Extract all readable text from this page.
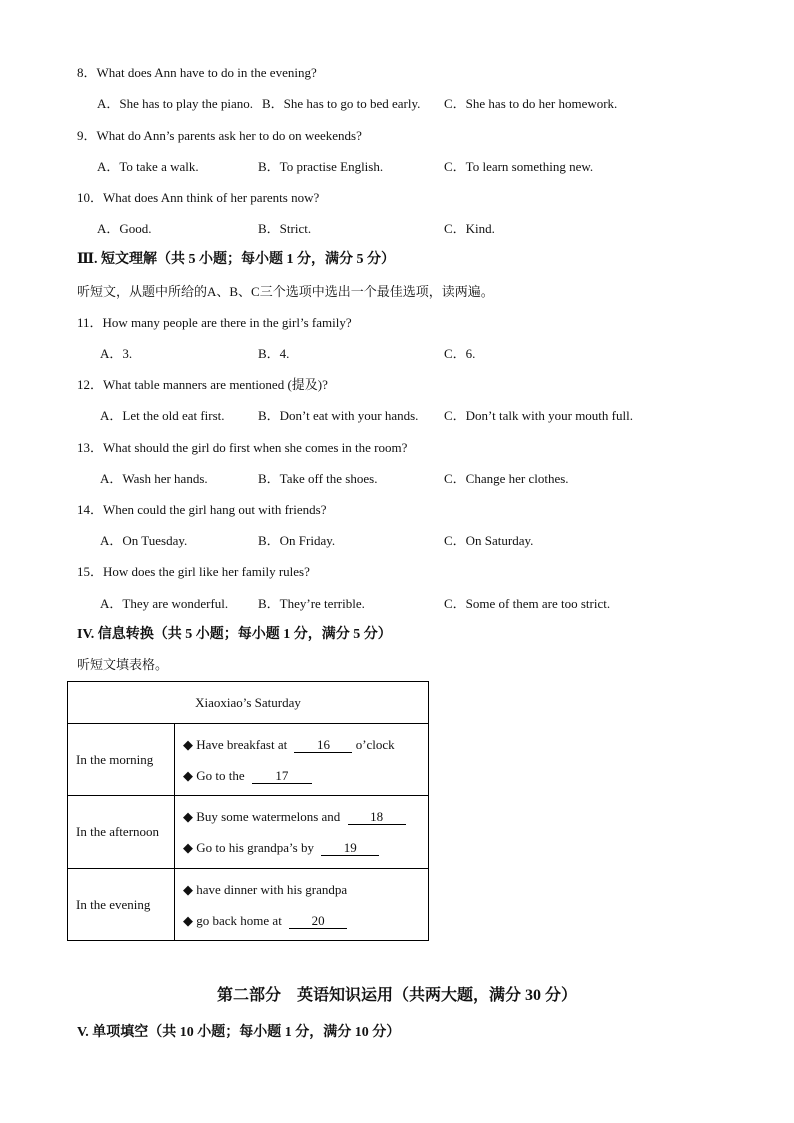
8．What does Ann have to do in the evening?
A．She has to play the piano. B．She has to go to bed early. C．She has to do her homework.
9．What do Ann’s parents ask her to do on weekends?
A．To take a walk.	B．To practise English.	C．To learn something new.
10．What does Ann think of her parents now?
A．Good.	B．Strict.	C．Kind.
Ⅲ. 短文理解（共 5 小题；每小题 1 分，满分 5 分）
听短文，从题中所给的A、B、C三个选项中选出一个最佳选项，读两遍。
11．How many people are there in the girl’s family?
A．3.	B．4.	C．6.
12．What table manners are mentioned (提及)?
A．Let the old eat first.	B．Don’t eat with your hands. C．Don’t talk with your mouth full.
13．What should the girl do first when she comes in the room?
A．Wash her hands.	B．Take off the shoes.	C．Change her clothes.
14．When could the girl hang out with friends?
A．On Tuesday.	B．On Friday.	C．On Saturday.
15．How does the girl like her family rules?
A．They are wonderful. B．They’re terrible.	C．Some of them are too strict.
IV. 信息转换（共 5 小题；每小题 1 分，满分 5 分）
听短文填表格。
Xiaoxiao’s Saturday	
In the morning	◆ Have breakfast at 16 o’clock
◆ Go to the 17

In the afternoon	◆ Buy some watermelons and 18
◆ Go to his grandpa’s by 19

In the evening	◆ have dinner with his grandpa
◆ go back home at 20
第二部分　英语知识运用（共两大题，满分 30 分）
V. 单项填空（共 10 小题；每小题 1 分，满分 10 分）
